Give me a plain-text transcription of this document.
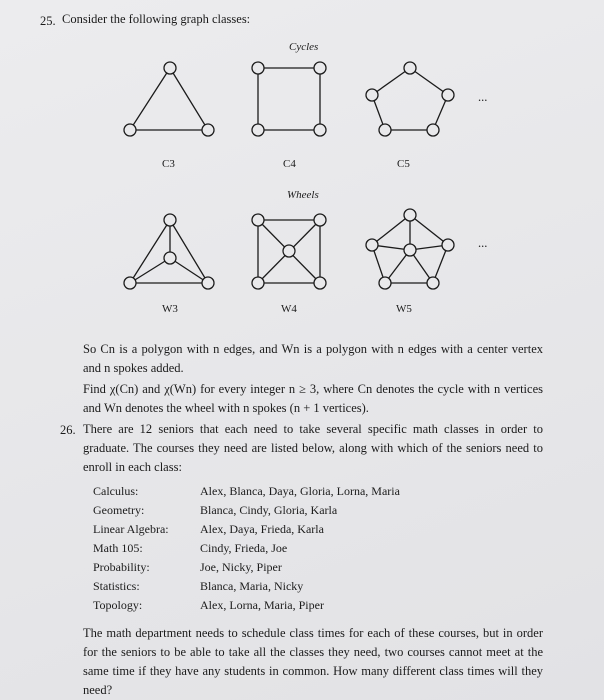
25. Consider the following graph classes:
Cycles
...
C3	C4	C5
Wheels
...
W3	W4	W5

So Cn is a polygon with n edges, and Wn is a polygon with n edges with a center vertex and n spokes added.

Find χ(Cn) and χ(Wn) for every integer n ≥ 3, where Cn denotes the cycle with n vertices and Wn denotes the wheel with n spokes (n + 1 vertices).

26. There are 12 seniors that each need to take several specific math classes in order to graduate. The courses they need are listed below, along with which of the seniors need to enroll in each class:

Calculus:	Alex, Blanca, Daya, Gloria, Lorna, Maria
Geometry:	Blanca, Cindy, Gloria, Karla
Linear Algebra:	Alex, Daya, Frieda, Karla
Math 105:	Cindy, Frieda, Joe
Probability:	Joe, Nicky, Piper
Statistics:	Blanca, Maria, Nicky
Topology:	Alex, Lorna, Maria, Piper

The math department needs to schedule class times for each of these courses, but in order for the seniors to be able to take all the classes they need, two courses cannot meet at the same time if they have any students in common. How many different class times will they need?
